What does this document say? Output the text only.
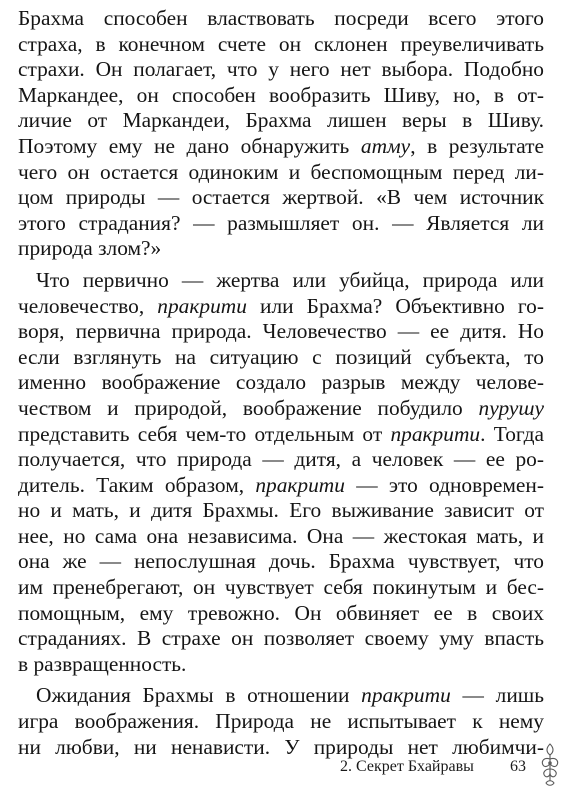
Брахма способен властвовать посреди всего этого
страха, в конечном счете он склонен преувеличивать
страхи. Он полагает, что у него нет выбора. Подобно
Маркандее, он способен вообразить Шиву, но, в от-
личие от Маркандеи, Брахма лишен веры в Шиву.
Поэтому ему не дано обнаружить атму, в результате
чего он остается одиноким и беспомощным перед ли-
цом природы — остается жертвой. «В чем источник
этого страдания? — размышляет он. — Является ли
природа злом?»
Что первично — жертва или убийца, природа или
человечество, пракрити или Брахма? Объективно го-
воря, первична природа. Человечество — ее дитя. Но
если взглянуть на ситуацию с позиций субъекта, то
именно воображение создало разрыв между челове-
чеством и природой, воображение побудило пурушу
представить себя чем-то отдельным от пракрити. Тогда
получается, что природа — дитя, а человек — ее ро-
дитель. Таким образом, пракрити — это одновремен-
но и мать, и дитя Брахмы. Его выживание зависит от
нее, но сама она независима. Она — жестокая мать, и
она же — непослушная дочь. Брахма чувствует, что
им пренебрегают, он чувствует себя покинутым и бес-
помощным, ему тревожно. Он обвиняет ее в своих
страданиях. В страхе он позволяет своему уму впасть
в развращенность.
Ожидания Брахмы в отношении пракрити — лишь
игра воображения. Природа не испытывает к нему
ни любви, ни ненависти. У природы нет любимчи-
2. Секрет Бхайравы 63
